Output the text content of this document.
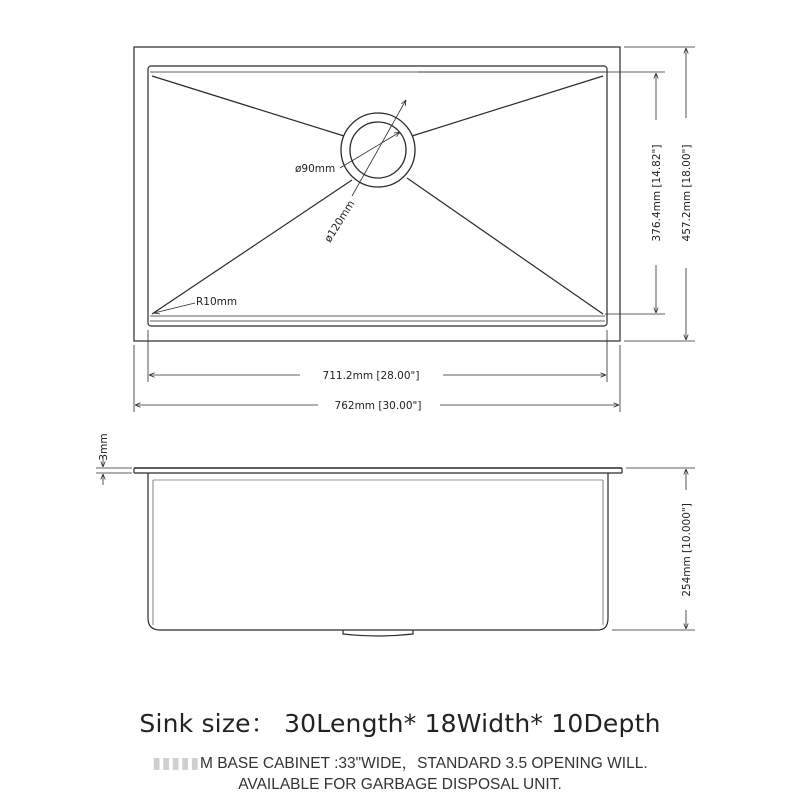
ø90mm
ø120mm
R10mm
711.2mm [28.00"]
762mm [30.00"]
376.4mm [14.82"] 457.2mm [18.00"]
3mm
254mm [10.000"]
Sink size： 30Length* 18Width* 10Depth
▮▮▮▮▮M BASE CABINET :33"WIDE，STANDARD 3.5 OPENING WILL.
AVAILABLE FOR GARBAGE DISPOSAL UNIT.
